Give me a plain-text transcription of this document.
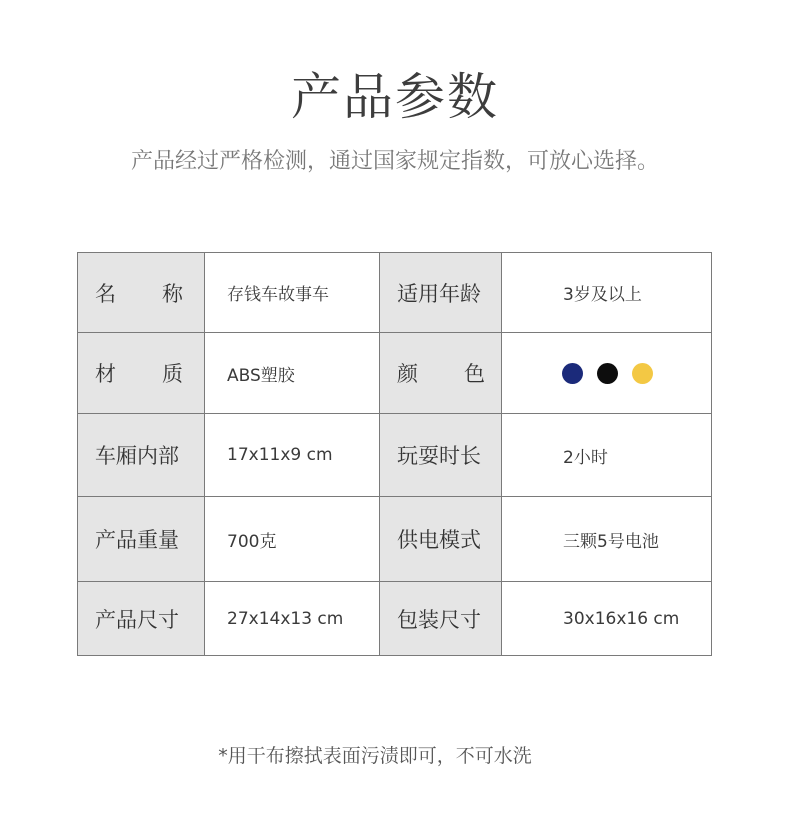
产品参数
产品经过严格检测，通过国家规定指数，可放心选择。
名 称	存钱车故事车	适用年龄	3岁及以上

材 质	ABS塑胶	颜 色	

车厢内部	17x11x9 cm	玩耍时长	2小时

产品重量	700克	供电模式	三颗5号电池

产品尺寸	27x14x13 cm	包装尺寸	30x16x16 cm
*用干布擦拭表面污渍即可，不可水洗
